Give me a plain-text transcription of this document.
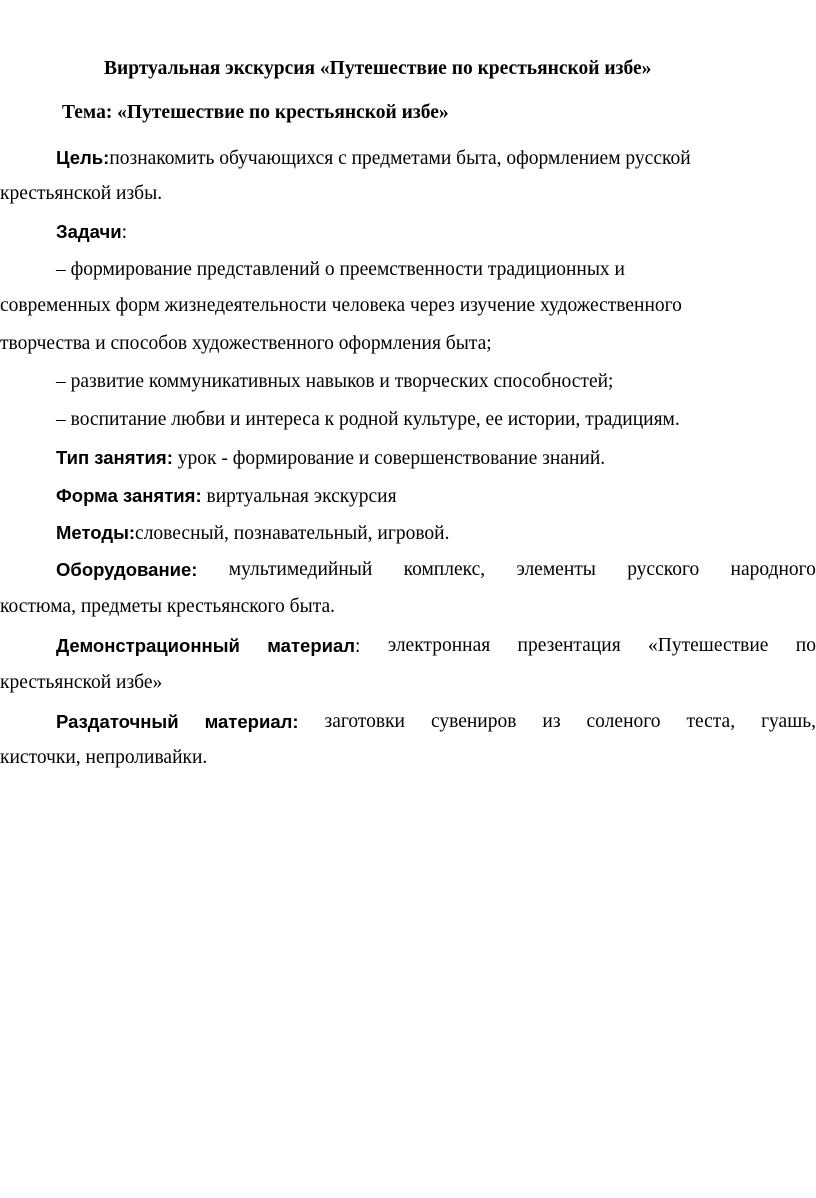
Виртуальная экскурсия «Путешествие по крестьянской избе»
Тема: «Путешествие по крестьянской избе»
Цель:познакомить обучающихся с предметами быта, оформлением русской
крестьянской избы.
Задачи:
– формирование представлений о преемственности традиционных и
современных форм жизнедеятельности человека через изучение художественного
творчества и способов художественного оформления быта;
– развитие коммуникативных навыков и творческих способностей;
– воспитание любви и интереса к родной культуре, ее истории, традициям.
Тип занятия: урок - формирование и совершенствование знаний.
Форма занятия: виртуальная экскурсия
Методы:словесный, познавательный, игровой.
Оборудование: мультимедийный комплекс, элементы русского народного
костюма, предметы крестьянского быта.
Демонстрационный материал: электронная презентация «Путешествие по
крестьянской избе»
Раздаточный материал: заготовки сувениров из соленого теста, гуашь,
кисточки, непроливайки.
